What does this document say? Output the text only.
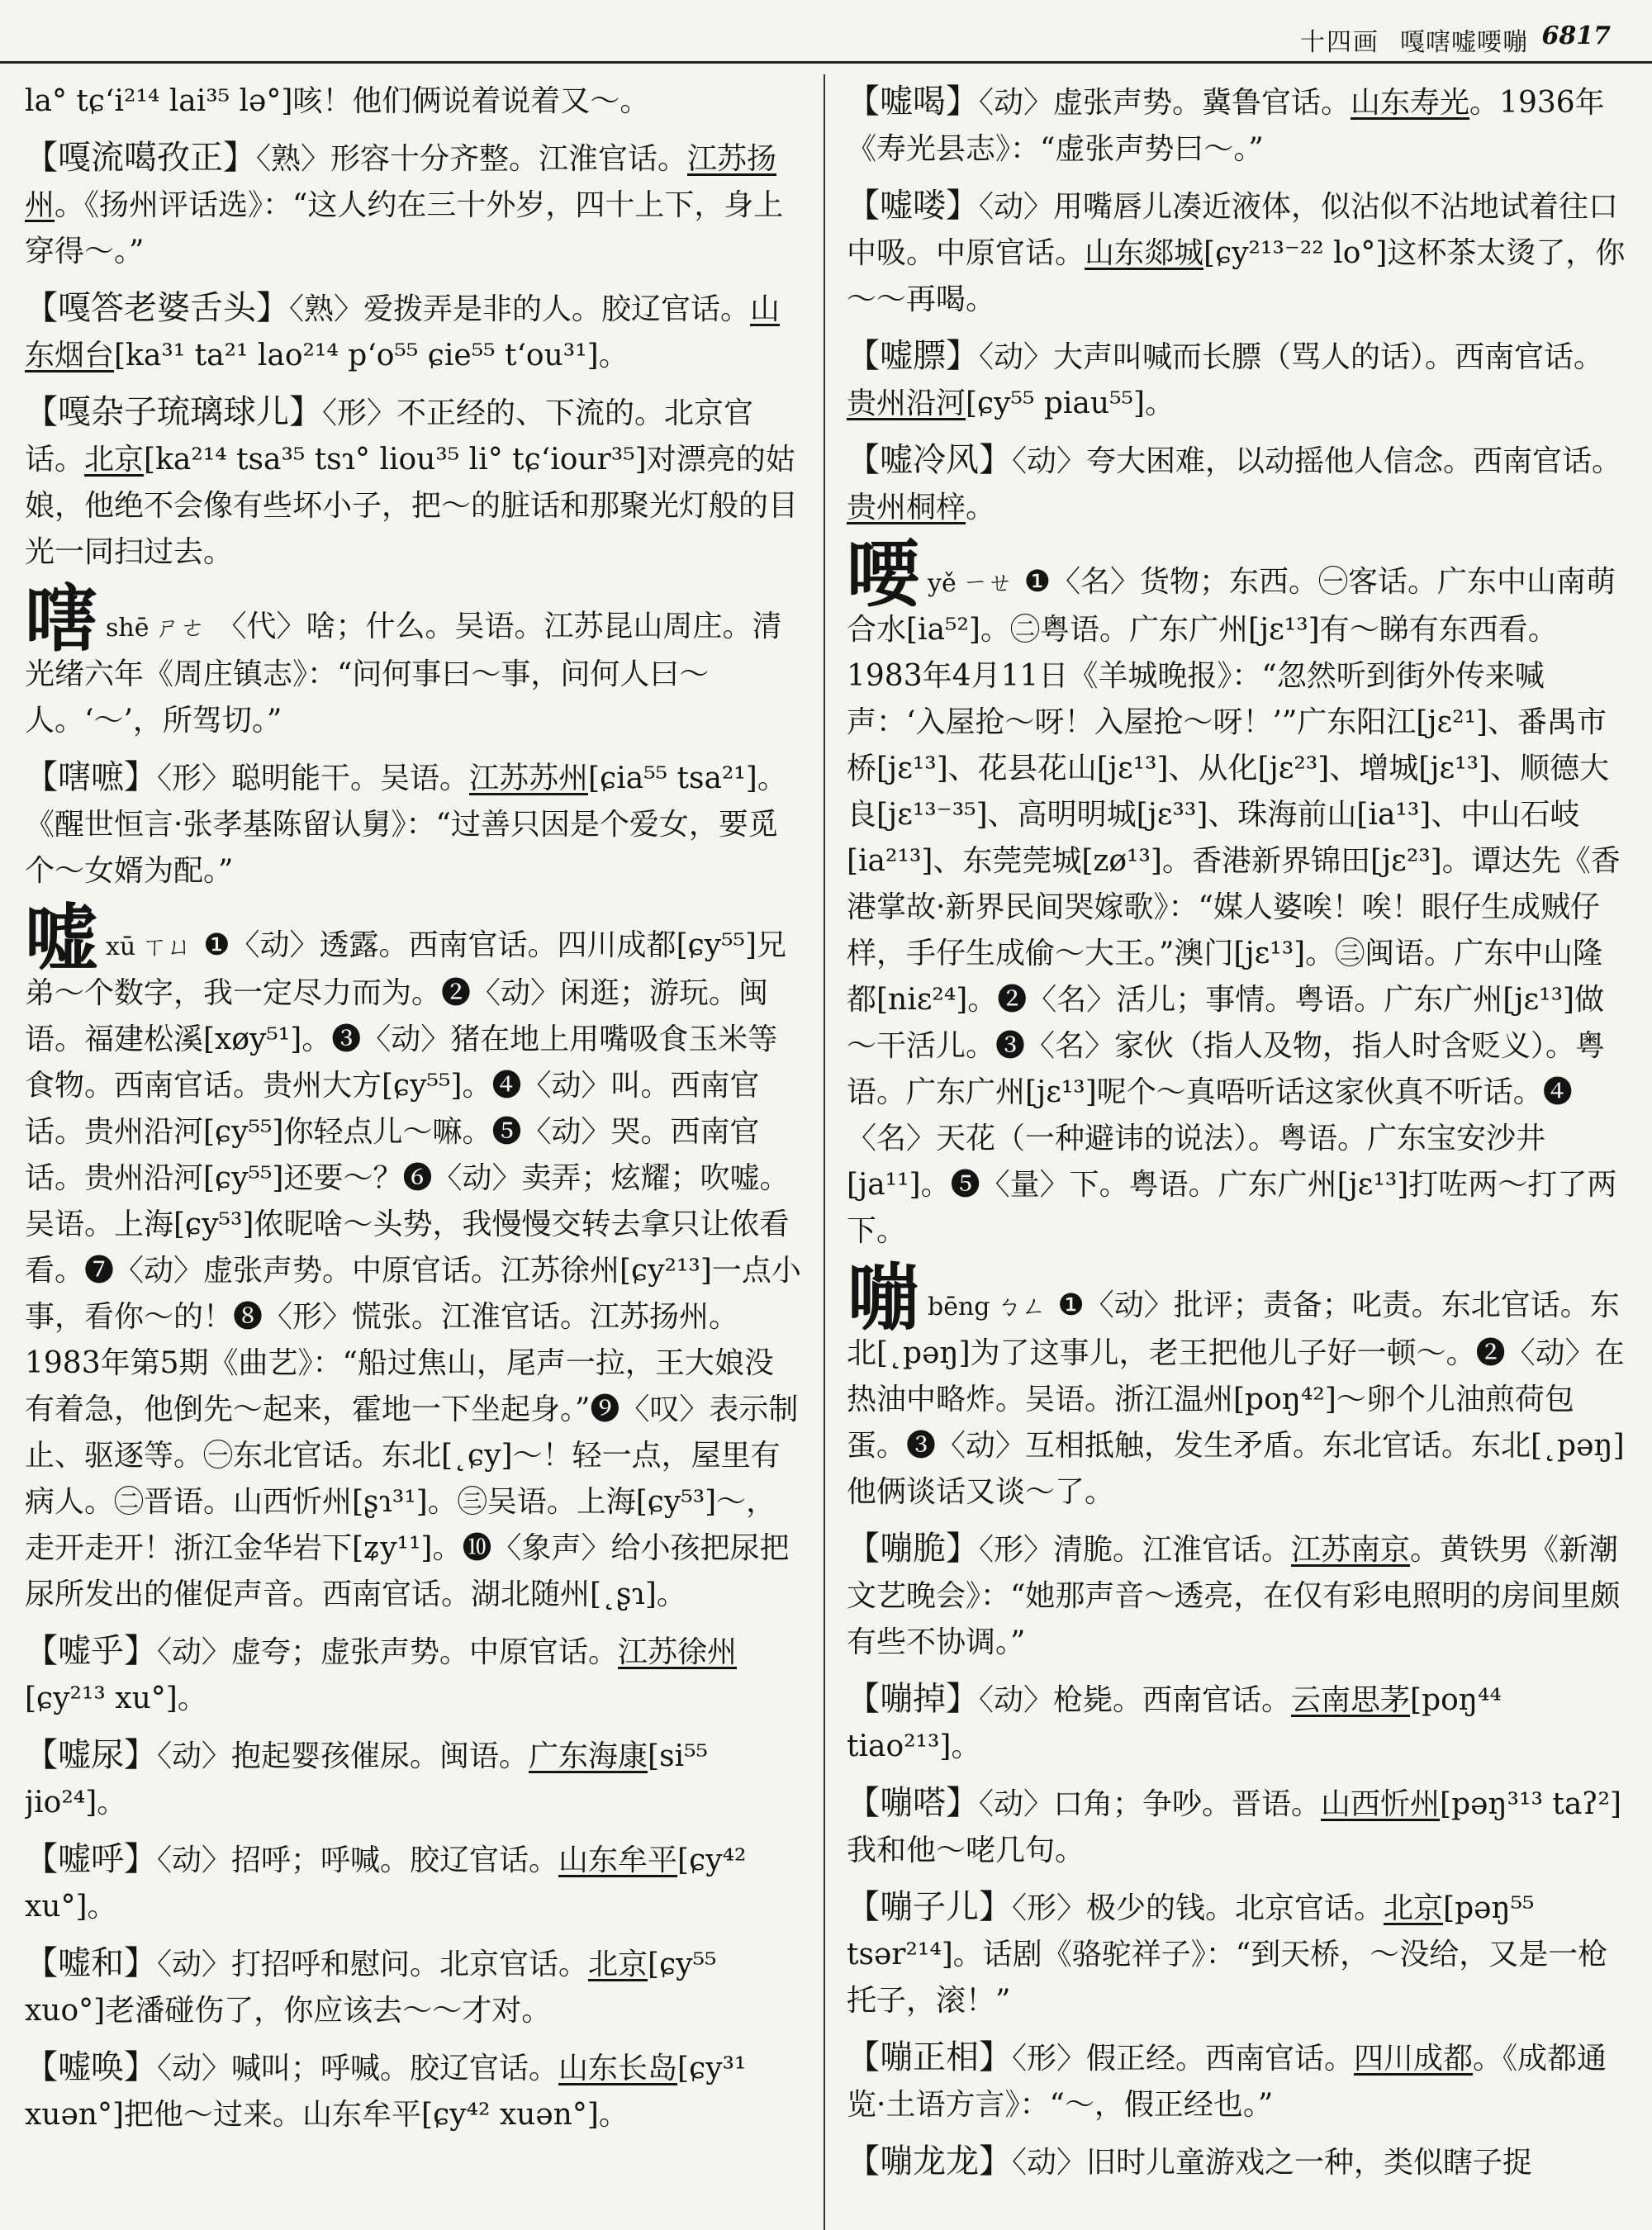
十四画 嘎嗐嘘喓嘣 6817
la° tɕʻi²¹⁴ lai³⁵ lə°]咳！他们俩说着说着又～。
【嘎流噶孜正】〈熟〉形容十分齐整。江淮官话。江苏扬州。《扬州评话选》：“这人约在三十外岁，四十上下，身上穿得～。”
【嘎答老婆舌头】〈熟〉爱拨弄是非的人。胶辽官话。山东烟台[ka³¹ ta²¹ lao²¹⁴ pʻo⁵⁵ ɕie⁵⁵ tʻou³¹]。
【嘎杂子琉璃球儿】〈形〉不正经的、下流的。北京官话。北京[ka²¹⁴ tsa³⁵ tsɿ° liou³⁵ li° tɕʻiour³⁵]对漂亮的姑娘，他绝不会像有些坏小子，把～的脏话和那聚光灯般的目光一同扫过去。
嗐shē ㄕㄜ 〈代〉啥；什么。吴语。江苏昆山周庄。清光绪六年《周庄镇志》：“问何事曰～事，问何人曰～人。‘～’，所驾切。”
【嗐嗻】〈形〉聪明能干。吴语。江苏苏州[ɕia⁵⁵ tsa²¹]。《醒世恒言·张孝基陈留认舅》：“过善只因是个爱女，要觅个～女婿为配。”
嘘xū ㄒㄩ ❶〈动〉透露。西南官话。四川成都[ɕy⁵⁵]兄弟～个数字，我一定尽力而为。❷〈动〉闲逛；游玩。闽语。福建松溪[xøy⁵¹]。❸〈动〉猪在地上用嘴吸食玉米等食物。西南官话。贵州大方[ɕy⁵⁵]。❹〈动〉叫。西南官话。贵州沿河[ɕy⁵⁵]你轻点儿～嘛。❺〈动〉哭。西南官话。贵州沿河[ɕy⁵⁵]还要～？❻〈动〉卖弄；炫耀；吹嘘。吴语。上海[ɕy⁵³]侬昵啥～头势，我慢慢交转去拿只让侬看看。❼〈动〉虚张声势。中原官话。江苏徐州[ɕy²¹³]一点小事，看你～的！❽〈形〉慌张。江淮官话。江苏扬州。1983年第5期《曲艺》：“船过焦山，尾声一拉，王大娘没有着急，他倒先～起来，霍地一下坐起身。”❾〈叹〉表示制止、驱逐等。㊀东北官话。东北[˛ɕy]～！轻一点，屋里有病人。㊁晋语。山西忻州[ʂɿ³¹]。㊂吴语。上海[ɕy⁵³]～，走开走开！浙江金华岩下[ʑy¹¹]。❿〈象声〉给小孩把尿把尿所发出的催促声音。西南官话。湖北随州[˛ʂɿ]。
【嘘乎】〈动〉虚夸；虚张声势。中原官话。江苏徐州[ɕy²¹³ xu°]。
【嘘尿】〈动〉抱起婴孩催尿。闽语。广东海康[si⁵⁵ jio²⁴]。
【嘘呼】〈动〉招呼；呼喊。胶辽官话。山东牟平[ɕy⁴² xu°]。
【嘘和】〈动〉打招呼和慰问。北京官话。北京[ɕy⁵⁵ xuo°]老潘碰伤了，你应该去～～才对。
【嘘唤】〈动〉喊叫；呼喊。胶辽官话。山东长岛[ɕy³¹ xuən°]把他～过来。山东牟平[ɕy⁴² xuən°]。
【嘘喝】〈动〉虚张声势。冀鲁官话。山东寿光。1936年《寿光县志》：“虚张声势曰～。”
【嘘喽】〈动〉用嘴唇儿凑近液体，似沾似不沾地试着往口中吸。中原官话。山东郯城[ɕy²¹³⁻²² lo°]这杯茶太烫了，你～～再喝。
【嘘膘】〈动〉大声叫喊而长膘（骂人的话）。西南官话。贵州沿河[ɕy⁵⁵ piau⁵⁵]。
【嘘冷风】〈动〉夸大困难，以动摇他人信念。西南官话。贵州桐梓。
喓yě ㄧㄝ ❶〈名〉货物；东西。㊀客话。广东中山南萌合水[ia⁵²]。㊁粤语。广东广州[jɛ¹³]有～睇有东西看。1983年4月11日《羊城晚报》：“忽然听到街外传来喊声：‘入屋抢～呀！入屋抢～呀！’”广东阳江[jɛ²¹]、番禺市桥[jɛ¹³]、花县花山[jɛ¹³]、从化[jɛ²³]、增城[jɛ¹³]、顺德大良[jɛ¹³⁻³⁵]、高明明城[jɛ³³]、珠海前山[ia¹³]、中山石岐[ia²¹³]、东莞莞城[zø¹³]。香港新界锦田[jɛ²³]。谭达先《香港掌故·新界民间哭嫁歌》：“媒人婆唉！唉！眼仔生成贼仔样，手仔生成偷～大王。”澳门[jɛ¹³]。㊂闽语。广东中山隆都[niɛ²⁴]。❷〈名〉活儿；事情。粤语。广东广州[jɛ¹³]做～干活儿。❸〈名〉家伙（指人及物，指人时含贬义）。粤语。广东广州[jɛ¹³]呢个～真唔听话这家伙真不听话。❹〈名〉天花（一种避讳的说法）。粤语。广东宝安沙井[ja¹¹]。❺〈量〉下。粤语。广东广州[jɛ¹³]打咗两～打了两下。
嘣bēng ㄅㄥ ❶〈动〉批评；责备；叱责。东北官话。东北[˛pəŋ]为了这事儿，老王把他儿子好一顿～。❷〈动〉在热油中略炸。吴语。浙江温州[poŋ⁴²]～卵个儿油煎荷包蛋。❸〈动〉互相抵触，发生矛盾。东北官话。东北[˛pəŋ]他俩谈话又谈～了。
【嘣脆】〈形〉清脆。江淮官话。江苏南京。黄铁男《新潮文艺晚会》：“她那声音～透亮，在仅有彩电照明的房间里颇有些不协调。”
【嘣掉】〈动〉枪毙。西南官话。云南思茅[poŋ⁴⁴ tiao²¹³]。
【嘣嗒】〈动〉口角；争吵。晋语。山西忻州[pəŋ³¹³ taʔ²]我和他～咾几句。
【嘣子儿】〈形〉极少的钱。北京官话。北京[pəŋ⁵⁵ tsər²¹⁴]。话剧《骆驼祥子》：“到天桥，～没给，又是一枪托子，滚！”
【嘣正相】〈形〉假正经。西南官话。四川成都。《成都通览·土语方言》：“～，假正经也。”
【嘣龙龙】〈动〉旧时儿童游戏之一种，类似瞎子捉
